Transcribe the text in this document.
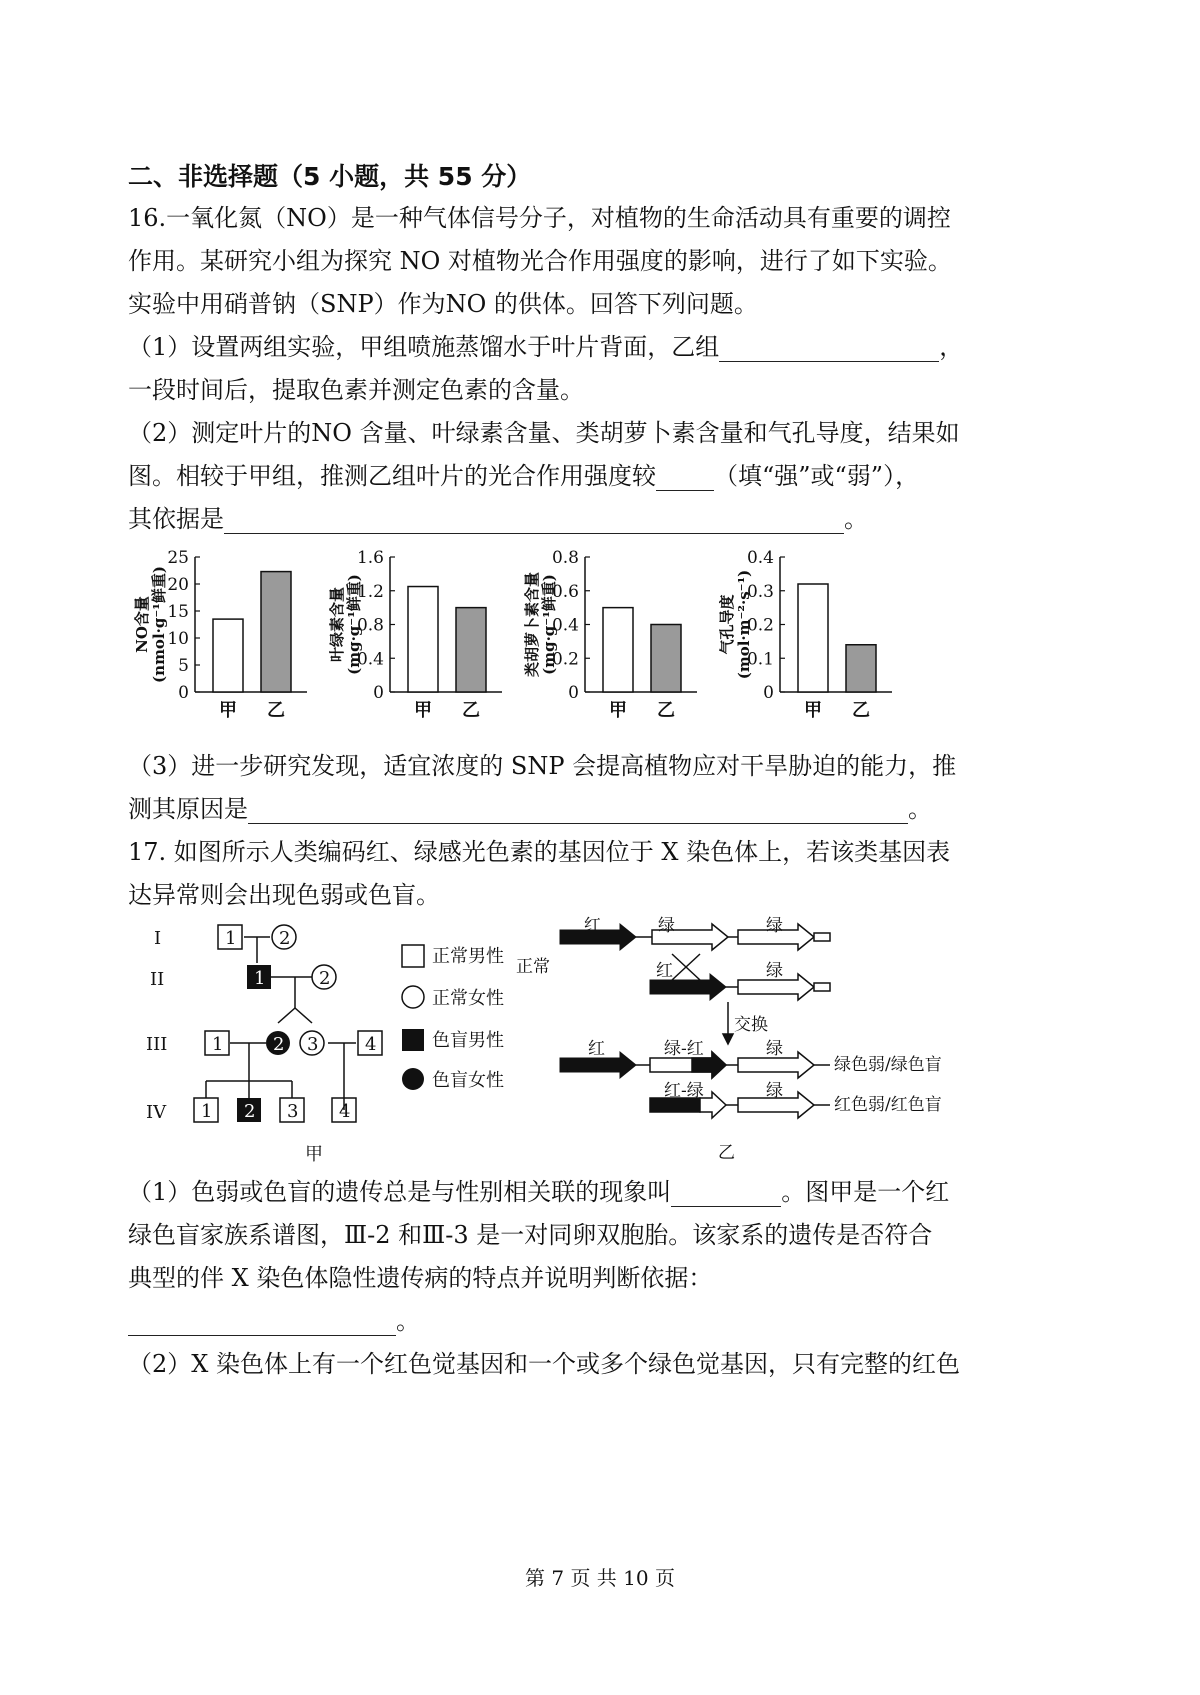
二、非选择题（5 小题，共 55 分）
16.一氧化氮（NO）是一种气体信号分子，对植物的生命活动具有重要的调控
作用。某研究小组为探究 NO 对植物光合作用强度的影响，进行了如下实验。
实验中用硝普钠（SNP）作为NO 的供体。回答下列问题。
（1）设置两组实验，甲组喷施蒸馏水于叶片背面，乙组	，
一段时间后，提取色素并测定色素的含量。
（2）测定叶片的NO 含量、叶绿素含量、类胡萝卜素含量和气孔导度，结果如
图。相较于甲组，推测乙组叶片的光合作用强度较 （填“强”或“弱”），
其依据是	。
0
5
10
15
20
25
甲 乙
NO含量 (nmol·g⁻¹鲜重)
0
0.4
0.8
1.2
1.6
甲 乙
叶绿素含量 (mg·g⁻¹鲜重)
0
0.2
0.4
0.6
0.8
甲 乙
类胡萝卜素含量 (mg·g⁻¹鲜重)
0
0.1
0.2
0.3
0.4
甲 乙
气孔导度 (mol·m⁻²·s⁻¹)
（3）进一步研究发现，适宜浓度的 SNP 会提高植物应对干旱胁迫的能力，推
测其原因是	。
17. 如图所示人类编码红、绿感光色素的基因位于 X 染色体上，若该类基因表
达异常则会出现色弱或色盲。
I
II
III
IV
1 2
1	2
1	2 3	4
1 2 3 4
正常男性
正常女性
色盲男性
色盲女性
甲
红	绿	绿
正常	红	绿
交换
红	绿-红	绿
绿色弱/绿色盲
红-绿	绿
红色弱/红色盲
乙
（1）色弱或色盲的遗传总是与性别相关联的现象叫	。图甲是一个红
绿色盲家族系谱图，Ⅲ-2 和Ⅲ-3 是一对同卵双胞胎。该家系的遗传是否符合
典型的伴 X 染色体隐性遗传病的特点并说明判断依据：
。
（2）X 染色体上有一个红色觉基因和一个或多个绿色觉基因，只有完整的红色
第 7 页 共 10 页
